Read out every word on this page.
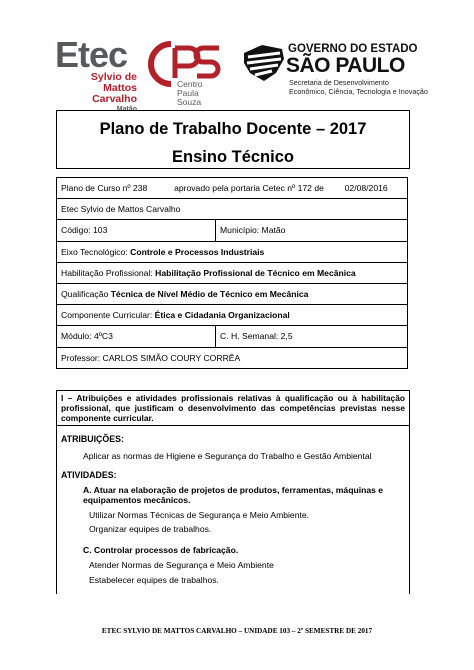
Etec
Sylvio de Mattos
Carvalho
Matão
Centro
Paula Souza
GOVERNO DO ESTADO
SÃO PAULO
Secretaria de Desenvolvimento
Econômico, Ciência, Tecnologia e Inovação
Plano de Trabalho Docente – 2017
Ensino Técnico
Plano de Curso nº 238 aprovado pela portaria Cetec nº 172 de 02/08/2016	
Etec Sylvio de Mattos Carvalho	
Código: 103	Município: Matão
Eixo Tecnológico: Controle e Processos Industriais	
Habilitação Profissional: Habilitação Profissional de Técnico em Mecânica	
Qualificação Técnica de Nível Médio de Técnico em Mecânica	
Componente Curricular: Ética e Cidadania Organizacional	
Módulo: 4ºC3	C. H. Semanal: 2,5
Professor: CARLOS SIMÃO COURY CORRÊA	
I – Atribuições e atividades profissionais relativas à qualificação ou à habilitação profissional, que justificam o desenvolvimento das competências previstas nesse componente curricular.
ATRIBUIÇÕES:
Aplicar as normas de Higiene e Segurança do Trabalho e Gestão Ambiental
ATIVIDADES:
A. Atuar na elaboração de projetos de produtos, ferramentas, máquinas e equipamentos mecânicos.
Utilizar Normas Técnicas de Segurança e Meio Ambiente.
Organizar equipes de trabalhos.
C. Controlar processos de fabricação.
Atender Normas de Segurança e Meio Ambiente
Estabelecer equipes de trabalhos.
ETEC SYLVIO DE MATTOS CARVALHO – UNIDADE 103 – 2º SEMESTRE DE 2017
